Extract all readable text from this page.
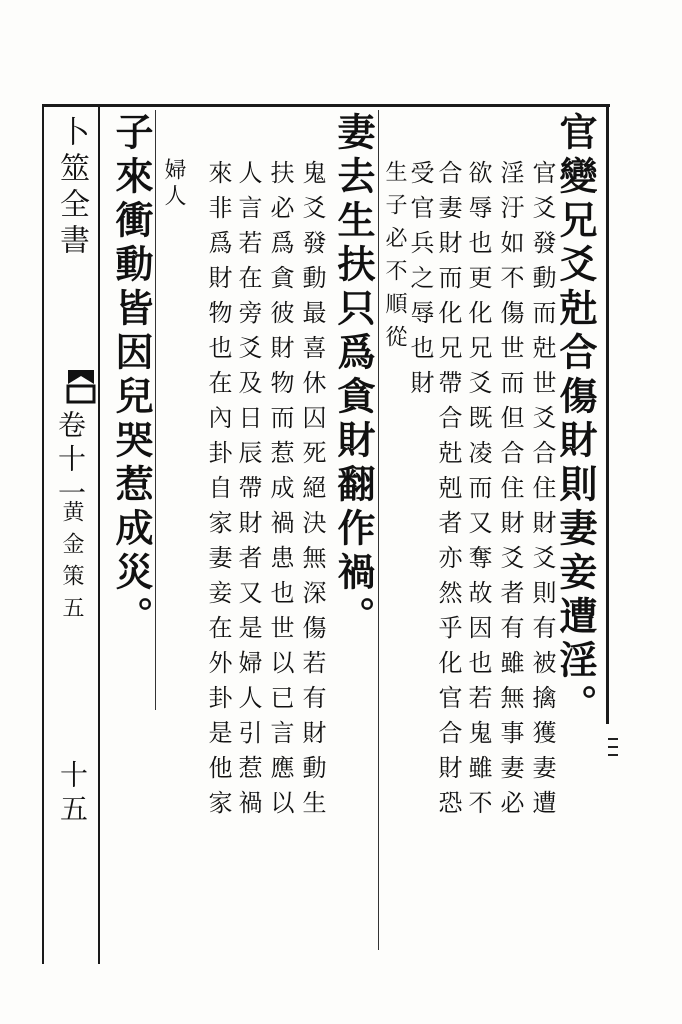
官變兄爻兙合傷財則妻妾遭淫。
官爻發動而兙世爻合住財爻則有被擒獲妻遭
淫汙如不傷世而但合住財爻者有雖無事妻必
欲辱也更化兄爻既凌而又奪故因也若鬼雖不
合妻財而化兄帶合兙剋者亦然乎化官合財恐
受官兵之辱也財
生子必不順從
妻去生扶只爲貪財翻作禍。
鬼爻發動最喜休囚死絕決無深傷若有財動生
扶必爲貪彼財物而惹成禍患也世以已言應以
人言若在旁爻及日辰帶財者又是婦人引惹禍
來非爲財物也在內卦自家妻妾在外卦是他家
婦人
子來衝動皆因兒哭惹成災。
卜筮全書
卷十一
黄金策五
十五
